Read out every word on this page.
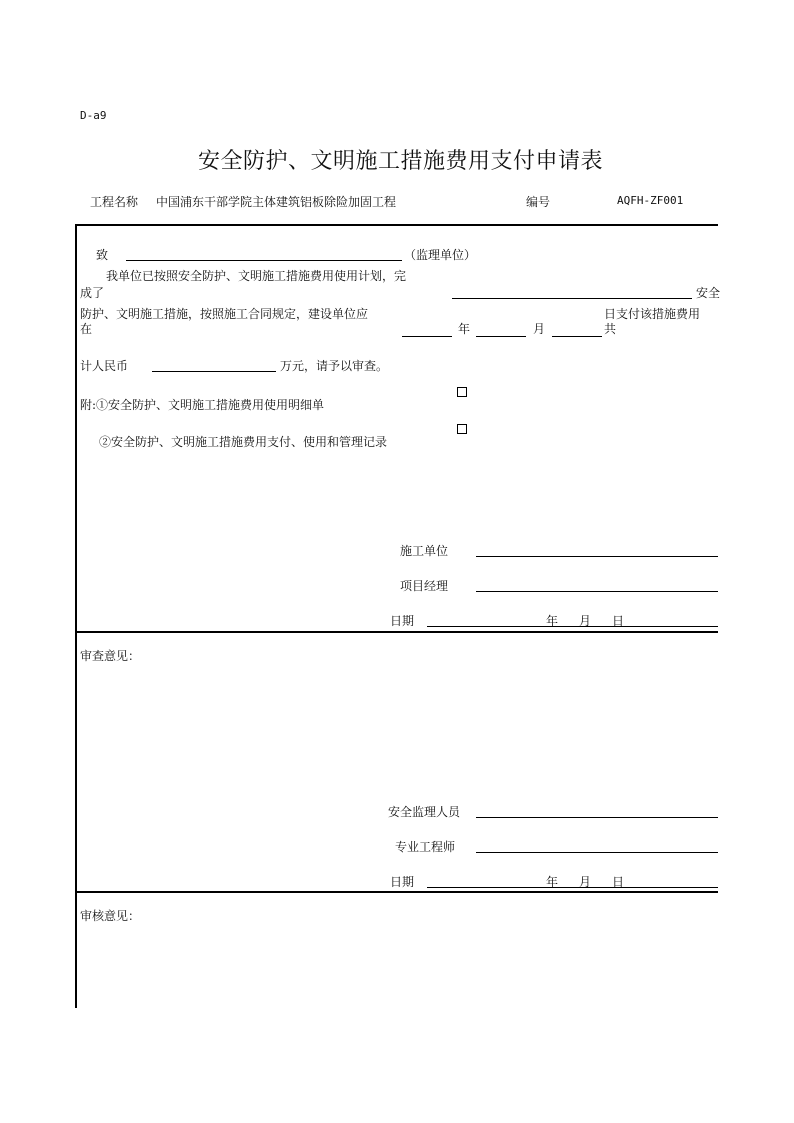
D-a9
安全防护、文明施工措施费用支付申请表
工程名称 中国浦东干部学院主体建筑铝板除险加固工程	编号	AQFH-ZF001
致	（监理单位）
我单位已按照安全防护、文明施工措施费用使用计划，完
成了	安全
防护、文明施工措施，按照施工合同规定，建设单位应
在
日支付该措施费用
共
年	月
计人民币	万元，请予以审查。
附:①安全防护、文明施工措施费用使用明细单
②安全防护、文明施工措施费用支付、使用和管理记录
施工单位
项目经理
日期	年 月 日
审查意见：
安全监理人员
专业工程师
日期	年 月 日
审核意见：
